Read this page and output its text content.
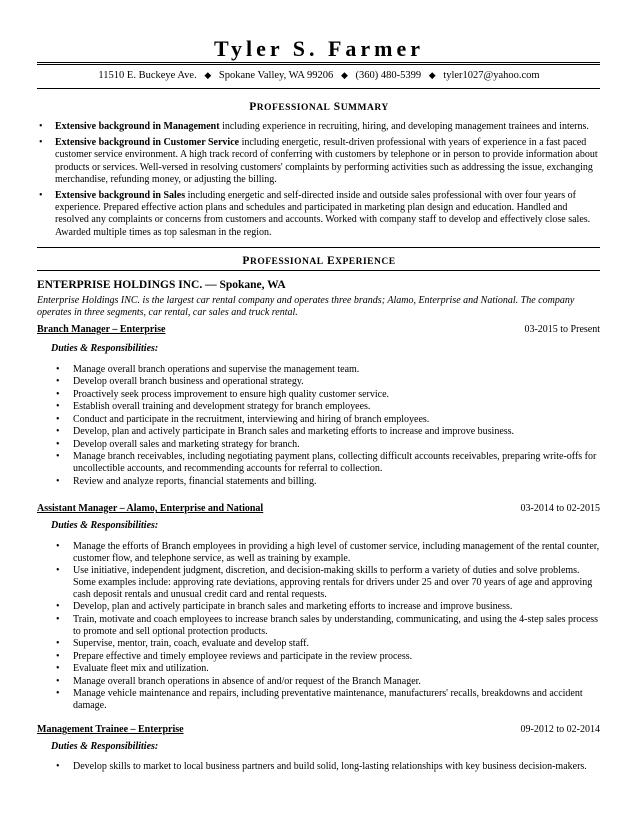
Tyler S. Farmer
11510 E. Buckeye Ave. ◆ Spokane Valley, WA 99206 ◆ (360) 480-5399 ◆ tyler1027@yahoo.com
PROFESSIONAL SUMMARY
• Extensive background in Management including experience in recruiting, hiring, and developing management trainees and interns.
• Extensive background in Customer Service including energetic, result-driven professional with years of experience in a fast paced customer service environment. A high track record of conferring with customers by telephone or in person to provide information about products or services. Well-versed in resolving customers' complaints by performing activities such as addressing the issue, exchanging merchandise, refunding money, or adjusting the billing.
• Extensive background in Sales including energetic and self-directed inside and outside sales professional with over four years of experience. Prepared effective action plans and schedules and participated in marketing plan design and education. Handled and resolved any complaints or concerns from customers and accounts. Worked with company staff to develop and effectively close sales. Awarded multiple times as top salesman in the region.
PROFESSIONAL EXPERIENCE
ENTERPRISE HOLDINGS INC. — Spokane, WA
Enterprise Holdings INC. is the largest car rental company and operates three brands; Alamo, Enterprise and National. The company operates in three segments, car rental, car sales and truck rental.
Branch Manager – Enterprise	03-2015 to Present
Duties & Responsibilities:
• Manage overall branch operations and supervise the management team.
• Develop overall branch business and operational strategy.
• Proactively seek process improvement to ensure high quality customer service.
• Establish overall training and development strategy for branch employees.
• Conduct and participate in the recruitment, interviewing and hiring of branch employees.
• Develop, plan and actively participate in Branch sales and marketing efforts to increase and improve business.
• Develop overall sales and marketing strategy for branch.
• Manage branch receivables, including negotiating payment plans, collecting difficult accounts receivables, preparing write-offs for uncollectible accounts, and recommending accounts for referral to collection.
• Review and analyze reports, financial statements and billing.
Assistant Manager – Alamo, Enterprise and National	03-2014 to 02-2015
Duties & Responsibilities:
• Manage the efforts of Branch employees in providing a high level of customer service, including management of the rental counter, customer flow, and telephone service, as well as training by example.
• Use initiative, independent judgment, discretion, and decision-making skills to perform a variety of duties and solve problems. Some examples include: approving rate deviations, approving rentals for drivers under 25 and over 70 years of age and approving cash deposit rentals and unusual credit card and rental requests.
• Develop, plan and actively participate in branch sales and marketing efforts to increase and improve business.
• Train, motivate and coach employees to increase branch sales by understanding, communicating, and using the 4-step sales process to promote and sell optional protection products.
• Supervise, mentor, train, coach, evaluate and develop staff.
• Prepare effective and timely employee reviews and participate in the review process.
• Evaluate fleet mix and utilization.
• Manage overall branch operations in absence of and/or request of the Branch Manager.
• Manage vehicle maintenance and repairs, including preventative maintenance, manufacturers' recalls, breakdowns and accident damage.
Management Trainee – Enterprise	09-2012 to 02-2014
Duties & Responsibilities:
• Develop skills to market to local business partners and build solid, long-lasting relationships with key business decision-makers.
